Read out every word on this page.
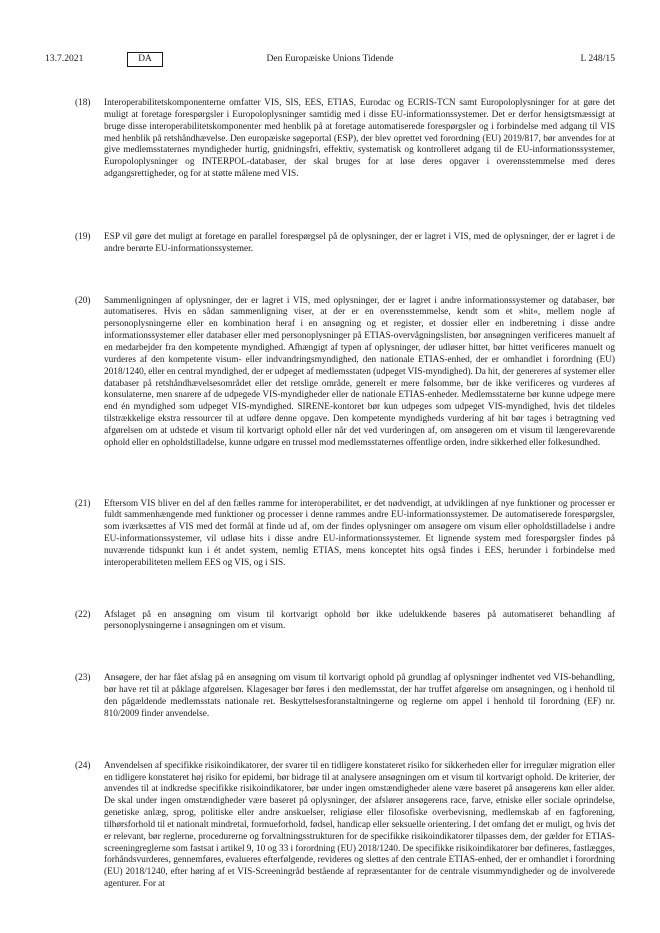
13.7.2021	DA	Den Europæiske Unions Tidende	L 248/15
(18) Interoperabilitetskomponenterne omfatter VIS, SIS, EES, ETIAS, Eurodac og ECRIS-TCN samt Europoloplysninger for at gøre det muligt at foretage forespørgsler i Europoloplysninger samtidig med i disse EU-informationssystemer. Det er derfor hensigtsmæssigt at bruge disse interoperabilitetskomponenter med henblik på at foretage automatiserede forespørgsler og i forbindelse med adgang til VIS med henblik på retshåndhævelse. Den europæiske søgeportal (ESP), der blev oprettet ved forordning (EU) 2019/817, bør anvendes for at give medlemsstaternes myndigheder hurtig, gnidningsfri, effektiv, systematisk og kontrolleret adgang til de EU-informationssystemer, Europoloplysninger og INTERPOL-databaser, der skal bruges for at løse deres opgaver i overensstemmelse med deres adgangsrettigheder, og for at støtte målene med VIS.
(19) ESP vil gøre det muligt at foretage en parallel forespørgsel på de oplysninger, der er lagret i VIS, med de oplysninger, der er lagret i de andre berørte EU-informationssystemer.
(20) Sammenligningen af oplysninger, der er lagret i VIS, med oplysninger, der er lagret i andre informationssystemer og databaser, bør automatiseres. Hvis en sådan sammenligning viser, at der er en overensstemmelse, kendt som et »hit«, mellem nogle af personoplysningerne eller en kombination heraf i en ansøgning og et register, et dossier eller en indberetning i disse andre informationssystemer eller databaser eller med personoplysninger på ETIAS-overvågningslisten, bør ansøgningen verificeres manuelt af en medarbejder fra den kompetente myndighed. Afhængigt af typen af oplysninger, der udløser hittet, bør hittet verificeres manuelt og vurderes af den kompetente visum- eller indvandringsmyndighed, den nationale ETIAS-enhed, der er omhandlet i forordning (EU) 2018/1240, eller en central myndighed, der er udpeget af medlemsstaten (udpeget VIS-myndighed). Da hit, der genereres af systemer eller databaser på retshåndhævelsesområdet eller det retslige område, generelt er mere følsomme, bør de ikke verificeres og vurderes af konsulaterne, men snarere af de udpegede VIS-myndigheder eller de nationale ETIAS-enheder. Medlemsstaterne bør kunne udpege mere end én myndighed som udpeget VIS-myndighed. SIRENE-kontoret bør kun udpeges som udpeget VIS-myndighed, hvis det tildeles tilstrækkelige ekstra ressourcer til at udføre denne opgave. Den kompetente myndigheds vurdering af hit bør tages i betragtning ved afgørelsen om at udstede et visum til kortvarigt ophold eller når det ved vurderingen af, om ansøgeren om et visum til længerevarende ophold eller en opholdstilladelse, kunne udgøre en trussel mod medlemsstaternes offentlige orden, indre sikkerhed eller folkesundhed.
(21) Eftersom VIS bliver en del af den fælles ramme for interoperabilitet, er det nødvendigt, at udviklingen af nye funktioner og processer er fuldt sammenhængende med funktioner og processer i denne rammes andre EU-informationssystemer. De automatiserede forespørgsler, som iværksættes af VIS med det formål at finde ud af, om der findes oplysninger om ansøgere om visum eller opholdstilladelse i andre EU-informationssystemer, vil udløse hits i disse andre EU-informationssystemer. Et lignende system med forespørgsler findes på nuværende tidspunkt kun i ét andet system, nemlig ETIAS, mens konceptet hits også findes i EES, herunder i forbindelse med interoperabiliteten mellem EES og VIS, og i SIS.
(22) Afslaget på en ansøgning om visum til kortvarigt ophold bør ikke udelukkende baseres på automatiseret behandling af personoplysningerne i ansøgningen om et visum.
(23) Ansøgere, der har fået afslag på en ansøgning om visum til kortvarigt ophold på grundlag af oplysninger indhentet ved VIS-behandling, bør have ret til at påklage afgørelsen. Klagesager bør føres i den medlemsstat, der har truffet afgørelse om ansøgningen, og i henhold til den pågældende medlemsstats nationale ret. Beskyttelsesforanstaltningerne og reglerne om appel i henhold til forordning (EF) nr. 810/2009 finder anvendelse.
(24) Anvendelsen af specifikke risikoindikatorer, der svarer til en tidligere konstateret risiko for sikkerheden eller for irregulær migration eller en tidligere konstateret høj risiko for epidemi, bør bidrage til at analysere ansøgningen om et visum til kortvarigt ophold. De kriterier, der anvendes til at indkredse specifikke risikoindikatorer, bør under ingen omstændigheder alene være baseret på ansøgerens køn eller alder. De skal under ingen omstændigheder være baseret på oplysninger, der afslører ansøgerens race, farve, etniske eller sociale oprindelse, genetiske anlæg, sprog, politiske eller andre anskuelser, religiøse eller filosofiske overbevisning, medlemskab af en fagforening, tilhørsforhold til et nationalt mindretal, formueforhold, fødsel, handicap eller seksuelle orientering. I det omfang det er muligt, og hvis det er relevant, bør reglerne, procedurerne og forvaltningsstrukturen for de specifikke risikoindikatorer tilpasses dem, der gælder for ETIAS-screeningreglerne som fastsat i artikel 9, 10 og 33 i forordning (EU) 2018/1240. De specifikke risikoindikatorer bør defineres, fastlægges, forhåndsvurderes, gennemføres, evalueres efterfølgende, revideres og slettes af den centrale ETIAS-enhed, der er omhandlet i forordning (EU) 2018/1240, efter høring af et VIS-Screeningråd bestående af repræsentanter for de centrale visummyndigheder og de involverede agenturer. For at
